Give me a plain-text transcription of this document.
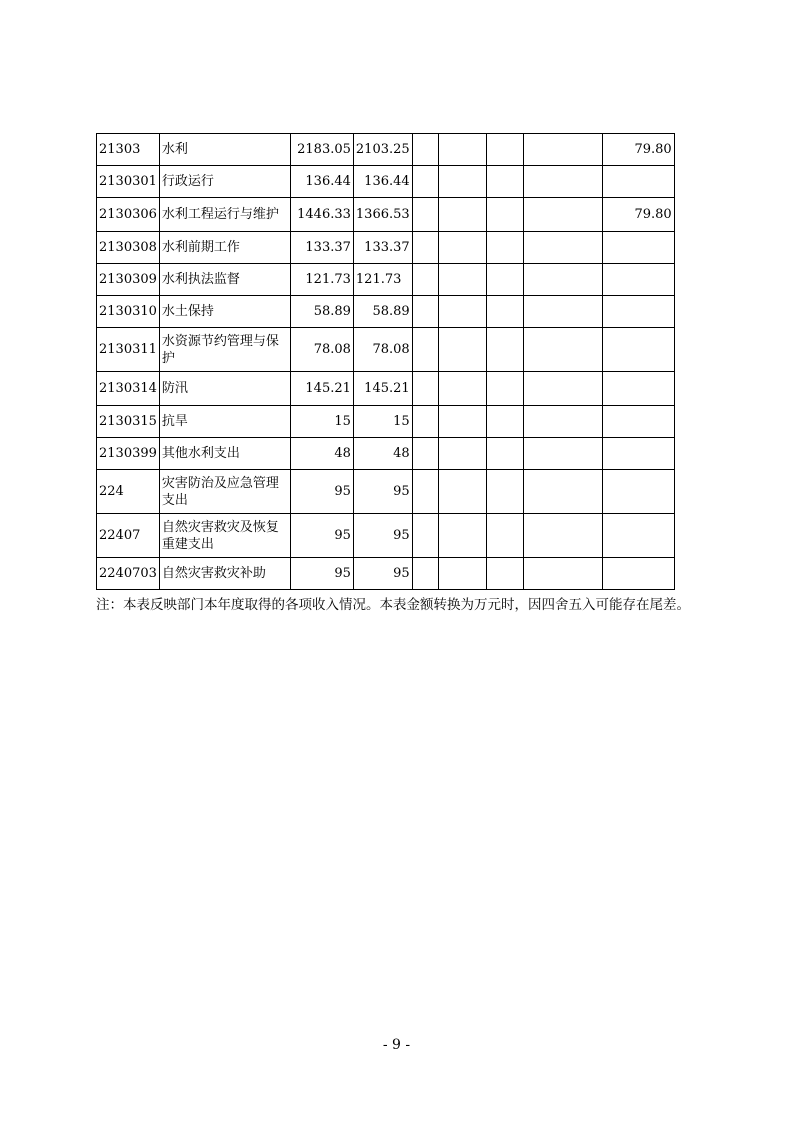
21303	水利	2183.05	2103.25					79.80
2130301	行政运行	136.44	136.44					
2130306	水利工程运行与维护	1446.33	1366.53					79.80
2130308	水利前期工作	133.37	133.37					
2130309	水利执法监督	121.73	121.73					
2130310	水土保持	58.89	58.89					
2130311	水资源节约管理与保护	78.08	78.08					
2130314	防汛	145.21	145.21					
2130315	抗旱	15	15					
2130399	其他水利支出	48	48					
224	灾害防治及应急管理支出	95	95					
22407	自然灾害救灾及恢复重建支出	95	95					
2240703	自然灾害救灾补助	95	95					
注：本表反映部门本年度取得的各项收入情况。本表金额转换为万元时，因四舍五入可能存在尾差。
- 9 -
